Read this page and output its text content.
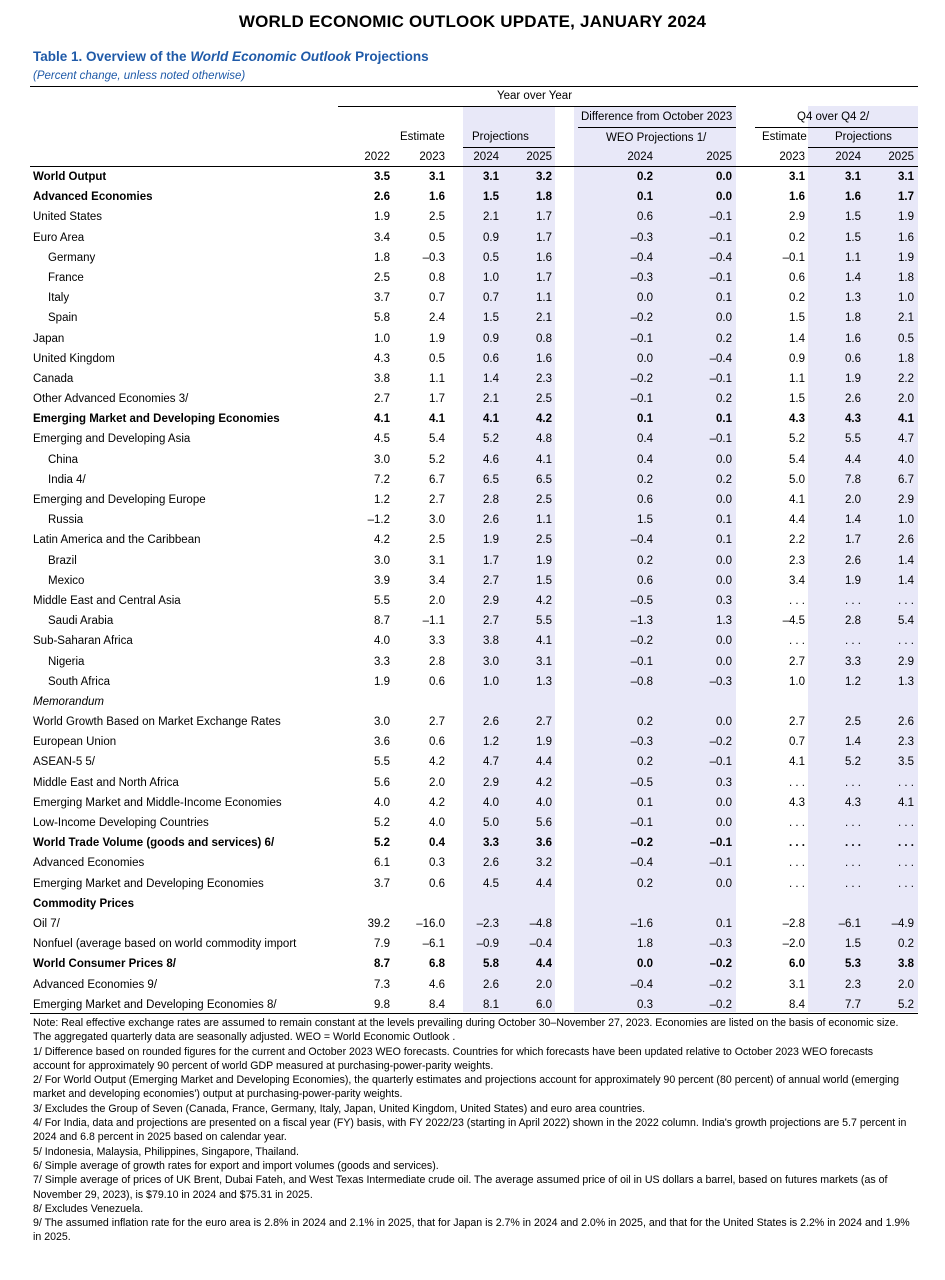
WORLD ECONOMIC OUTLOOK UPDATE, JANUARY 2024
Table 1. Overview of the World Economic Outlook Projections
(Percent change, unless noted otherwise)
Year over Year
Difference from October 2023
WEO Projections 1/
Q4 over Q4 2/
Estimate Projections	Estimate Projections
2022	2023	2024	2025	2024	2025	2023	2024	2025
World Output	3.5	3.1	3.1	3.2	0.2	0.0	3.1	3.1	3.1
Advanced Economies	2.6	1.6	1.5	1.8	0.1	0.0	1.6	1.6	1.7
United States	1.9	2.5	2.1	1.7	0.6	–0.1	2.9	1.5	1.9
Euro Area	3.4	0.5	0.9	1.7	–0.3	–0.1	0.2	1.5	1.6
Germany	1.8	–0.3	0.5	1.6	–0.4	–0.4	–0.1	1.1	1.9
France	2.5	0.8	1.0	1.7	–0.3	–0.1	0.6	1.4	1.8
Italy	3.7	0.7	0.7	1.1	0.0	0.1	0.2	1.3	1.0
Spain	5.8	2.4	1.5	2.1	–0.2	0.0	1.5	1.8	2.1
Japan	1.0	1.9	0.9	0.8	–0.1	0.2	1.4	1.6	0.5
United Kingdom	4.3	0.5	0.6	1.6	0.0	–0.4	0.9	0.6	1.8
Canada	3.8	1.1	1.4	2.3	–0.2	–0.1	1.1	1.9	2.2
Other Advanced Economies 3/	2.7	1.7	2.1	2.5	–0.1	0.2	1.5	2.6	2.0
Emerging Market and Developing Economies	4.1	4.1	4.1	4.2	0.1	0.1	4.3	4.3	4.1
Emerging and Developing Asia	4.5	5.4	5.2	4.8	0.4	–0.1	5.2	5.5	4.7
China	3.0	5.2	4.6	4.1	0.4	0.0	5.4	4.4	4.0
India 4/	7.2	6.7	6.5	6.5	0.2	0.2	5.0	7.8	6.7
Emerging and Developing Europe	1.2	2.7	2.8	2.5	0.6	0.0	4.1	2.0	2.9
Russia	–1.2	3.0	2.6	1.1	1.5	0.1	4.4	1.4	1.0
Latin America and the Caribbean	4.2	2.5	1.9	2.5	–0.4	0.1	2.2	1.7	2.6
Brazil	3.0	3.1	1.7	1.9	0.2	0.0	2.3	2.6	1.4
Mexico	3.9	3.4	2.7	1.5	0.6	0.0	3.4	1.9	1.4
Middle East and Central Asia	5.5	2.0	2.9	4.2	–0.5	0.3	. . .	. . .	. . .
Saudi Arabia	8.7	–1.1	2.7	5.5	–1.3	1.3	–4.5	2.8	5.4
Sub-Saharan Africa	4.0	3.3	3.8	4.1	–0.2	0.0	. . .	. . .	. . .
Nigeria	3.3	2.8	3.0	3.1	–0.1	0.0	2.7	3.3	2.9
South Africa	1.9	0.6	1.0	1.3	–0.8	–0.3	1.0	1.2	1.3
Memorandum
World Growth Based on Market Exchange Rates	3.0	2.7	2.6	2.7	0.2	0.0	2.7	2.5	2.6
European Union	3.6	0.6	1.2	1.9	–0.3	–0.2	0.7	1.4	2.3
ASEAN-5 5/	5.5	4.2	4.7	4.4	0.2	–0.1	4.1	5.2	3.5
Middle East and North Africa	5.6	2.0	2.9	4.2	–0.5	0.3	. . .	. . .	. . .
Emerging Market and Middle-Income Economies	4.0	4.2	4.0	4.0	0.1	0.0	4.3	4.3	4.1
Low-Income Developing Countries	5.2	4.0	5.0	5.6	–0.1	0.0	. . .	. . .	. . .
World Trade Volume (goods and services) 6/	5.2	0.4	3.3	3.6	–0.2	–0.1	. . .	. . .	. . .
Advanced Economies	6.1	0.3	2.6	3.2	–0.4	–0.1	. . .	. . .	. . .
Emerging Market and Developing Economies	3.7	0.6	4.5	4.4	0.2	0.0	. . .	. . .	. . .
Commodity Prices
Oil 7/	39.2	–16.0	–2.3	–4.8	–1.6	0.1	–2.8	–6.1	–4.9
Nonfuel (average based on world commodity import	7.9	–6.1	–0.9	–0.4	1.8	–0.3	–2.0	1.5	0.2
World Consumer Prices 8/	8.7	6.8	5.8	4.4	0.0	–0.2	6.0	5.3	3.8
Advanced Economies 9/	7.3	4.6	2.6	2.0	–0.4	–0.2	3.1	2.3	2.0
Emerging Market and Developing Economies 8/	9.8	8.4	8.1	6.0	0.3	–0.2	8.4	7.7	5.2

Note: Real effective exchange rates are assumed to remain constant at the levels prevailing during October 30–November 27, 2023. Economies are listed on the basis of economic size. The aggregated quarterly data are seasonally adjusted. WEO = World Economic Outlook .

1/ Difference based on rounded figures for the current and October 2023 WEO forecasts. Countries for which forecasts have been updated relative to October 2023 WEO forecasts account for approximately 90 percent of world GDP measured at purchasing-power-parity weights.

2/ For World Output (Emerging Market and Developing Economies), the quarterly estimates and projections account for approximately 90 percent (80 percent) of annual world (emerging market and developing economies') output at purchasing-power-parity weights.

3/ Excludes the Group of Seven (Canada, France, Germany, Italy, Japan, United Kingdom, United States) and euro area countries.

4/ For India, data and projections are presented on a fiscal year (FY) basis, with FY 2022/23 (starting in April 2022) shown in the 2022 column. India's growth projections are 5.7 percent in 2024 and 6.8 percent in 2025 based on calendar year.

5/ Indonesia, Malaysia, Philippines, Singapore, Thailand.

6/ Simple average of growth rates for export and import volumes (goods and services).

7/ Simple average of prices of UK Brent, Dubai Fateh, and West Texas Intermediate crude oil. The average assumed price of oil in US dollars a barrel, based on futures markets (as of November 29, 2023), is $79.10 in 2024 and $75.31 in 2025.

8/ Excludes Venezuela.

9/ The assumed inflation rate for the euro area is 2.8% in 2024 and 2.1% in 2025, that for Japan is 2.7% in 2024 and 2.0% in 2025, and that for the United States is 2.2% in 2024 and 1.9% in 2025.
